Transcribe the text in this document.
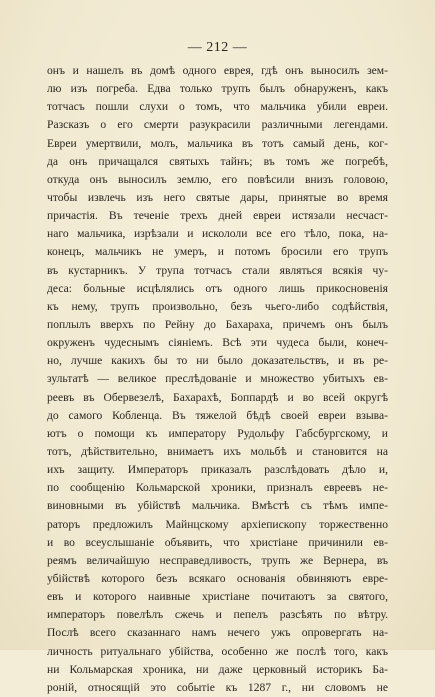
— 212 —
онъ и нашелъ въ домѣ одного еврея, гдѣ онъ выносилъ зем-
лю изъ погреба. Едва только трупъ былъ обнаруженъ, какъ
тотчасъ пошли слухи о томъ, что мальчика убили евреи.
Разсказъ о его смерти разукрасили различными легендами.
Евреи умертвили, молъ, мальчика въ тотъ самый день, ког-
да онъ причащался святыхъ тайнъ; въ томъ же погребѣ,
откуда онъ выносилъ землю, его повѣсили внизъ головою,
чтобы извлечь изъ него святые дары, принятые во время
причастія. Въ теченіе трехъ дней евреи истязали несчаст-
наго мальчика, изрѣзали и искололи все его тѣло, пока, на-
конецъ, мальчикъ не умеръ, и потомъ бросили его трупъ
въ кустарникъ. У трупа тотчасъ стали являться всякія чу-
деса: больные исцѣлялись отъ одного лишь прикосновенія
къ нему, трупъ произвольно, безъ чьего-либо содѣйствія,
поплылъ вверхъ по Рейну до Бахараха, причемъ онъ былъ
окруженъ чудеснымъ сіяніемъ. Всѣ эти чудеса были, конеч-
но, лучше какихъ бы то ни было доказательствъ, и въ ре-
зультатѣ — великое преслѣдованіе и множество убитыхъ ев-
реевъ въ Обервезелѣ, Бахарахѣ, Боппардѣ и во всей округѣ
до самого Кобленца. Въ тяжелой бѣдѣ своей евреи взыва-
ютъ о помощи къ императору Рудольфу Габсбургскому, и
тотъ, дѣйствительно, внимаетъ ихъ мольбѣ и становится на
ихъ защиту. Императоръ приказалъ разслѣдовать дѣло и,
по сообщенію Кольмарской хроники, призналъ евреевъ не-
виновными въ убійствѣ мальчика. Вмѣстѣ съ тѣмъ импе-
раторъ предложилъ Майнцскому архіепископу торжественно
и во всеуслышаніе объявить, что христіане причинили ев-
реямъ величайшую несправедливость, трупъ же Вернера, въ
убійствѣ которого безъ всякаго основанія обвиняютъ евре-
евъ и которого наивные христіане почитаютъ за святого,
императоръ повелѣлъ сжечь и пепелъ разсѣять по вѣтру.
Послѣ всего сказаннаго намъ нечего ужъ опровергать на-
личность ритуальнаго убійства, особенно же послѣ того, какъ
ни Кольмарская хроника, ни даже церковный историкъ Ба-
роній, относящій это событіе къ 1287 г., ни словомъ не
